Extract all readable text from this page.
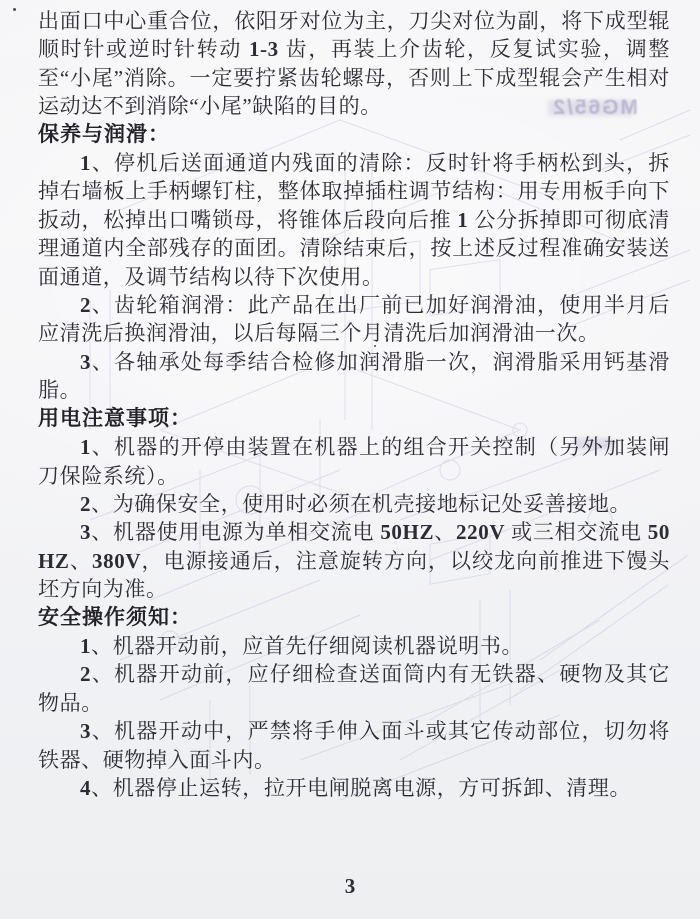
MG65/2

出面口中心重合位，依阳牙对位为主，刀尖对位为副，将下成型辊顺时针或逆时针转动 1-3 齿，再装上介齿轮，反复试实验，调整至“小尾”消除。一定要拧紧齿轮螺母，否则上下成型辊会产生相对运动达不到消除“小尾”缺陷的目的。

保养与润滑：

1、停机后送面通道内残面的清除：反时针将手柄松到头，拆掉右墙板上手柄螺钉柱，整体取掉插柱调节结构：用专用板手向下扳动，松掉出口嘴锁母，将锥体后段向后推 1 公分拆掉即可彻底清理通道内全部残存的面团。清除结束后，按上述反过程准确安装送面通道，及调节结构以待下次使用。

2、齿轮箱润滑：此产品在出厂前已加好润滑油，使用半月后应清洗后换润滑油，以后每隔三个月清洗后加润滑油一次。

3、各轴承处每季结合检修加润滑脂一次，润滑脂采用钙基滑脂。

用电注意事项：

1、机器的开停由装置在机器上的组合开关控制（另外加装闸刀保险系统）。

2、为确保安全，使用时必须在机壳接地标记处妥善接地。

3、机器使用电源为单相交流电 50HZ、220V 或三相交流电 50HZ、380V，电源接通后，注意旋转方向，以绞龙向前推进下馒头坯方向为准。

安全操作须知：

1、机器开动前，应首先仔细阅读机器说明书。

2、机器开动前，应仔细检查送面筒内有无铁器、硬物及其它物品。

3、机器开动中，严禁将手伸入面斗或其它传动部位，切勿将铁器、硬物掉入面斗内。

4、机器停止运转，拉开电闸脱离电源，方可拆卸、清理。

3
